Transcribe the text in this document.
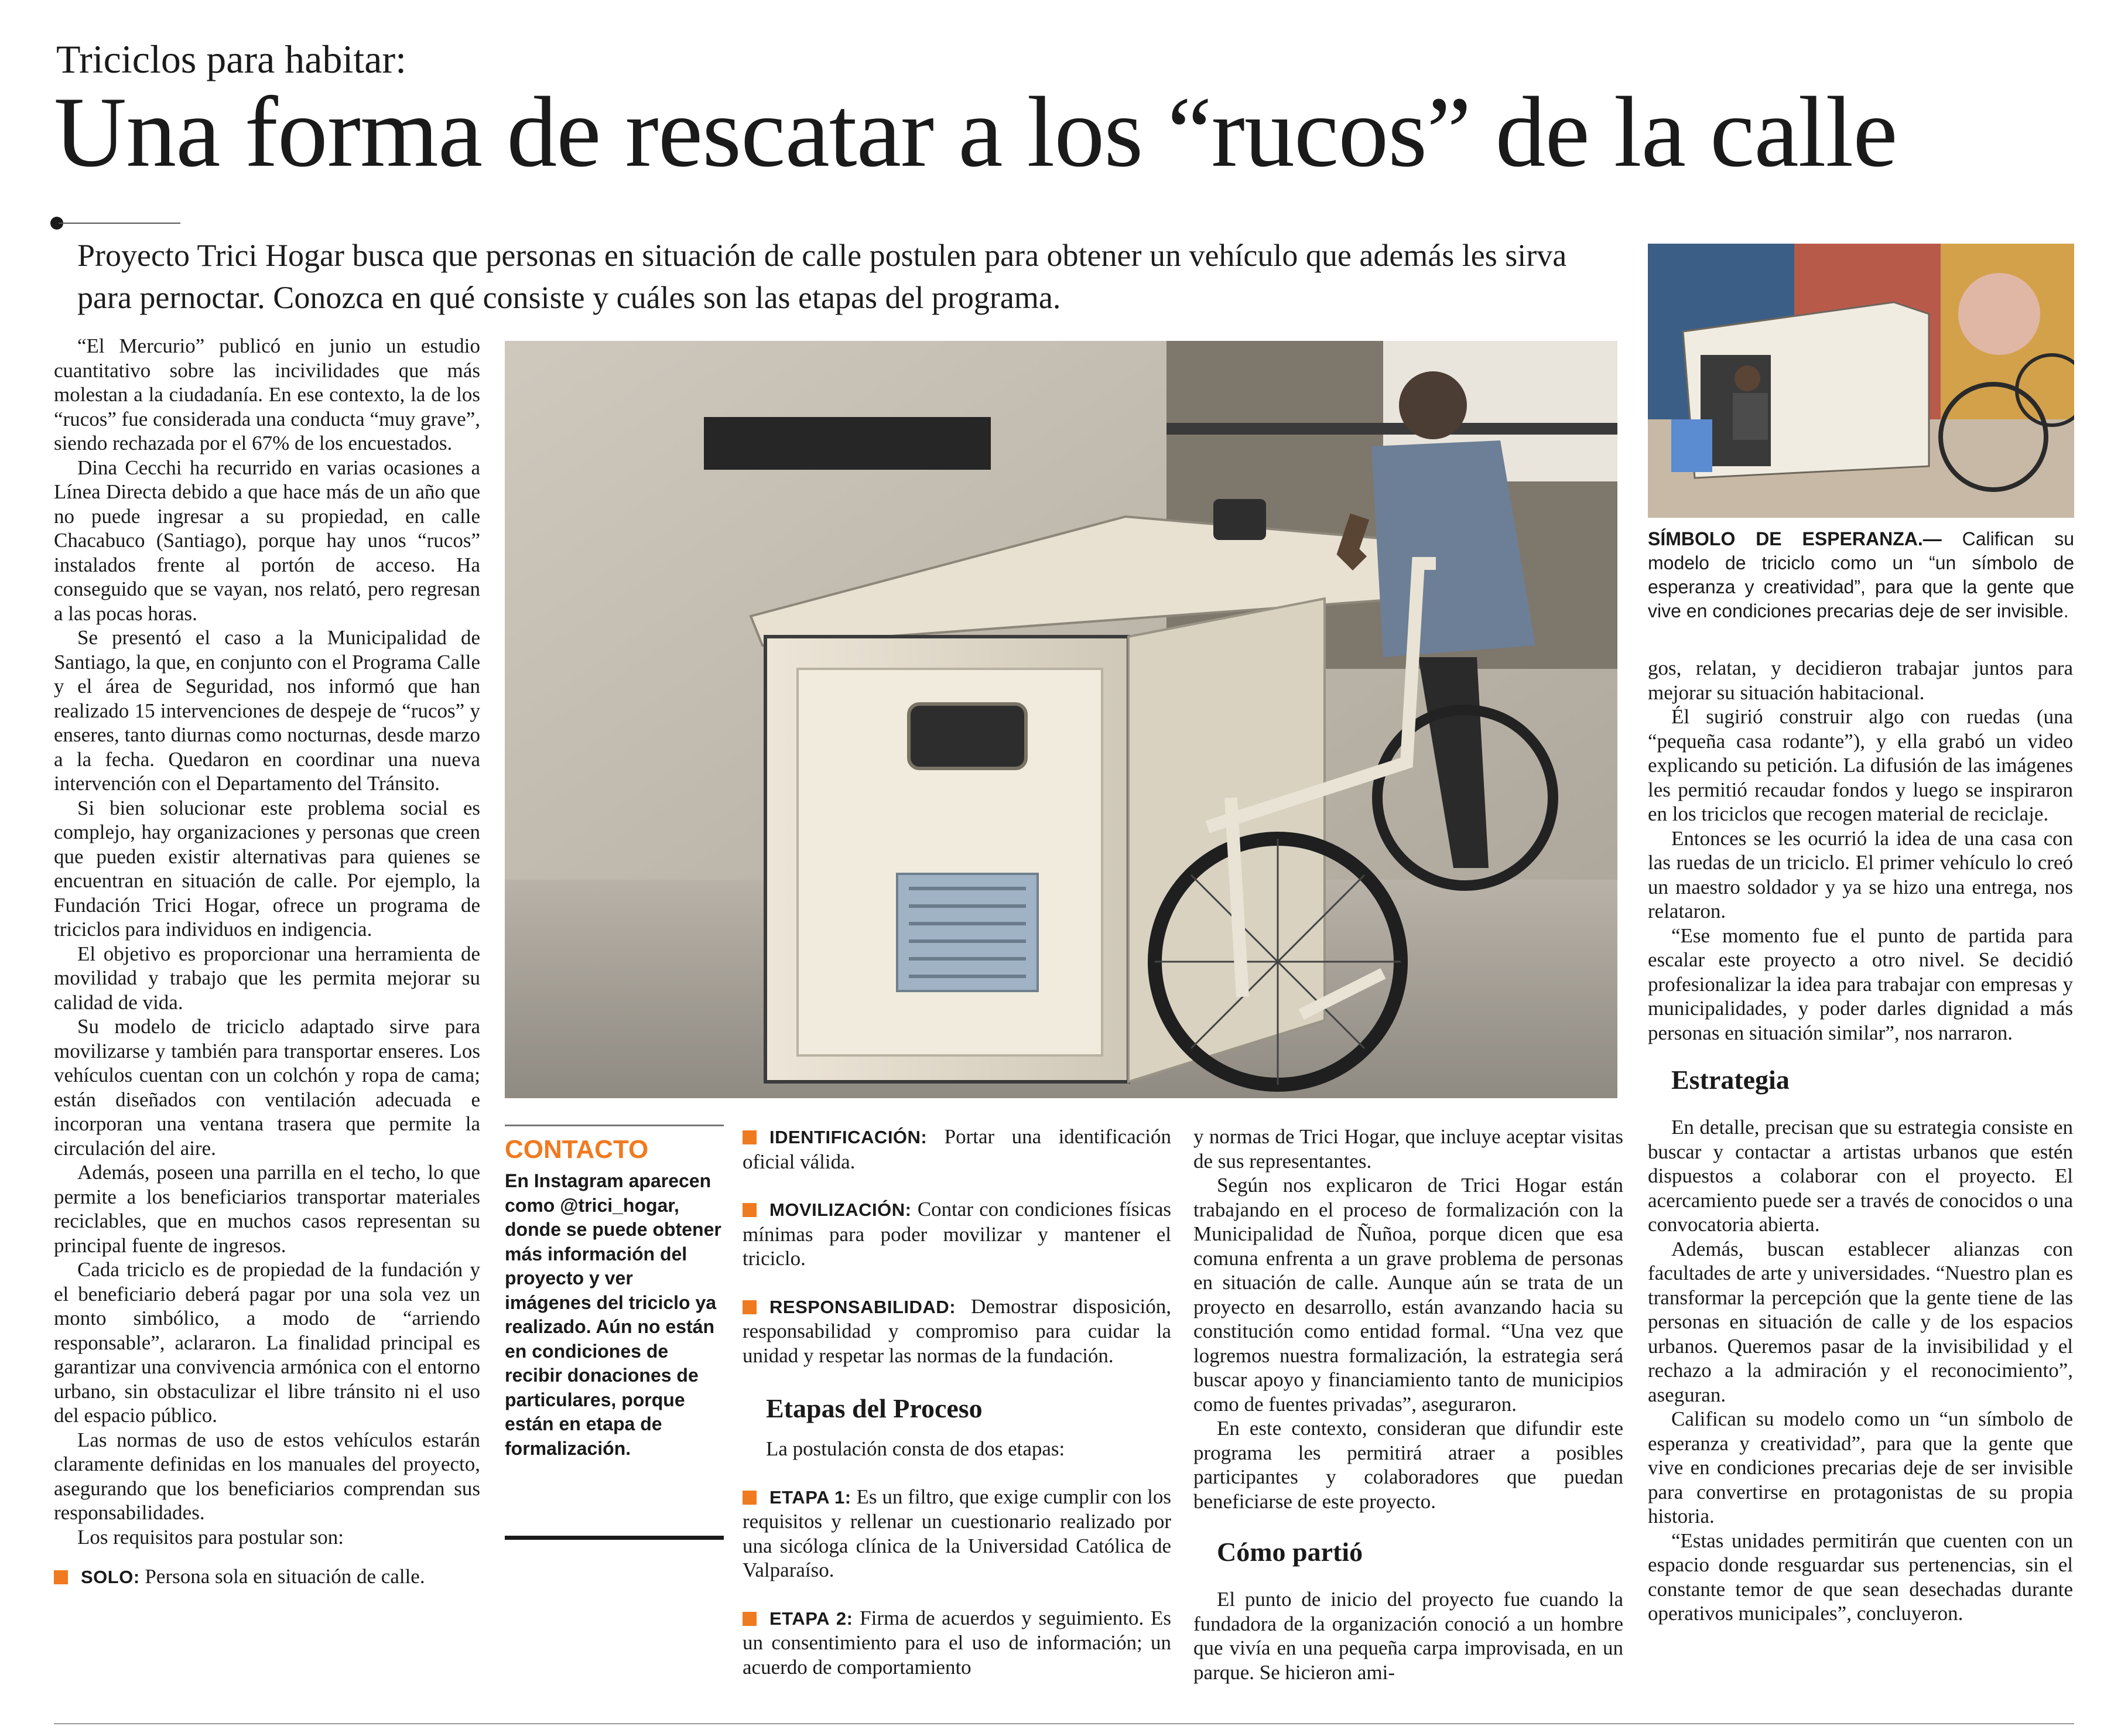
Triciclos para habitar:
Una forma de rescatar a los “rucos” de la calle
Proyecto Trici Hogar busca que personas en situación de calle postulen para obtener un vehículo que además les sirva para pernoctar. Conozca en qué consiste y cuáles son las etapas del programa.

“El Mercurio” publicó en junio un estudio cuantitativo sobre las incivilidades que más molestan a la ciudadanía. En ese contexto, la de los “rucos” fue considerada una conducta “muy grave”, siendo rechazada por el 67% de los encuestados.

Dina Cecchi ha recurrido en varias ocasiones a Línea Directa debido a que hace más de un año que no puede ingresar a su propiedad, en calle Chacabuco (Santiago), porque hay unos “rucos” instalados frente al portón de acceso. Ha conseguido que se vayan, nos relató, pero regresan a las pocas horas.

Se presentó el caso a la Municipalidad de Santiago, la que, en conjunto con el Programa Calle y el área de Seguridad, nos informó que han realizado 15 intervenciones de despeje de “rucos” y enseres, tanto diurnas como nocturnas, desde marzo a la fecha. Quedaron en coordinar una nueva intervención con el Departamento del Tránsito.

Si bien solucionar este problema social es complejo, hay organizaciones y personas que creen que pueden existir alternativas para quienes se encuentran en situación de calle. Por ejemplo, la Fundación Trici Hogar, ofrece un programa de triciclos para individuos en indigencia.

El objetivo es proporcionar una herramienta de movilidad y trabajo que les permita mejorar su calidad de vida.

Su modelo de triciclo adaptado sirve para movilizarse y también para transportar enseres. Los vehículos cuentan con un colchón y ropa de cama; están diseñados con ventilación adecuada e incorporan una ventana trasera que permite la circulación del aire.

Además, poseen una parrilla en el techo, lo que permite a los beneficiarios transportar materiales reciclables, que en muchos casos representan su principal fuente de ingresos.

Cada triciclo es de propiedad de la fundación y el beneficiario deberá pagar por una sola vez un monto simbólico, a modo de “arriendo responsable”, aclararon. La finalidad principal es garantizar una convivencia armónica con el entorno urbano, sin obstaculizar el libre tránsito ni el uso del espacio público.

Las normas de uso de estos vehículos estarán claramente definidas en los manuales del proyecto, asegurando que los beneficiarios comprendan sus responsabilidades.

Los requisitos para postular son:

SOLO: Persona sola en situación de calle.

CONTACTO
En Instagram aparecen como @trici_hogar, donde se puede obtener más información del proyecto y ver imágenes del triciclo ya realizado. Aún no están en condiciones de recibir donaciones de particulares, porque están en etapa de formalización.

IDENTIFICACIÓN: Portar una identificación oficial válida.

MOVILIZACIÓN: Contar con condiciones físicas mínimas para poder movilizar y mantener el triciclo.

RESPONSABILIDAD: Demostrar disposición, responsabilidad y compromiso para cuidar la unidad y respetar las normas de la fundación.

Etapas del Proceso

La postulación consta de dos etapas:

ETAPA 1: Es un filtro, que exige cumplir con los requisitos y rellenar un cuestionario realizado por una sicóloga clínica de la Universidad Católica de Valparaíso.

ETAPA 2: Firma de acuerdos y seguimiento. Es un consentimiento para el uso de información; un acuerdo de comportamiento

y normas de Trici Hogar, que incluye aceptar visitas de sus representantes.

Según nos explicaron de Trici Hogar están trabajando en el proceso de formalización con la Municipalidad de Ñuñoa, porque dicen que esa comuna enfrenta a un grave problema de personas en situación de calle. Aunque aún se trata de un proyecto en desarrollo, están avanzando hacia su constitución como entidad formal. “Una vez que logremos nuestra formalización, la estrategia será buscar apoyo y financiamiento tanto de municipios como de fuentes privadas”, aseguraron.

En este contexto, consideran que difundir este programa les permitirá atraer a posibles participantes y colaboradores que puedan beneficiarse de este proyecto.

Cómo partió

El punto de inicio del proyecto fue cuando la fundadora de la organización conoció a un hombre que vivía en una pequeña carpa improvisada, en un parque. Se hicieron ami-

SÍMBOLO DE ESPERANZA.— Califican su modelo de triciclo como un “un símbolo de esperanza y creatividad”, para que la gente que vive en condiciones precarias deje de ser invisible.

gos, relatan, y decidieron trabajar juntos para mejorar su situación habitacional.

Él sugirió construir algo con ruedas (una “pequeña casa rodante”), y ella grabó un video explicando su petición. La difusión de las imágenes les permitió recaudar fondos y luego se inspiraron en los triciclos que recogen material de reciclaje.

Entonces se les ocurrió la idea de una casa con las ruedas de un triciclo. El primer vehículo lo creó un maestro soldador y ya se hizo una entrega, nos relataron.

“Ese momento fue el punto de partida para escalar este proyecto a otro nivel. Se decidió profesionalizar la idea para trabajar con empresas y municipalidades, y poder darles dignidad a más personas en situación similar”, nos narraron.

Estrategia

En detalle, precisan que su estrategia consiste en buscar y contactar a artistas urbanos que estén dispuestos a colaborar con el proyecto. El acercamiento puede ser a través de conocidos o una convocatoria abierta.

Además, buscan establecer alianzas con facultades de arte y universidades. “Nuestro plan es transformar la percepción que la gente tiene de las personas en situación de calle y de los espacios urbanos. Queremos pasar de la invisibilidad y el rechazo a la admiración y el reconocimiento”, aseguran.

Califican su modelo como un “un símbolo de esperanza y creatividad”, para que la gente que vive en condiciones precarias deje de ser invisible para convertirse en protagonistas de su propia historia.

“Estas unidades permitirán que cuenten con un espacio donde resguardar sus pertenencias, sin el constante temor de que sean desechadas durante operativos municipales”, concluyeron.
